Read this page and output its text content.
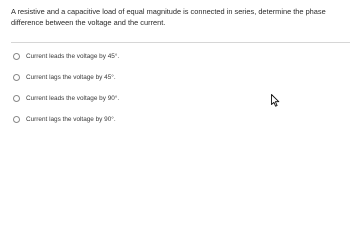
A resistive and a capacitive load of equal magnitude is connected in series, determine the phase difference between the voltage and the current.

Current leads the voltage by 45°.
Current lags the voltage by 45°.
Current leads the voltage by 90°.
Current lags the voltage by 90°.
